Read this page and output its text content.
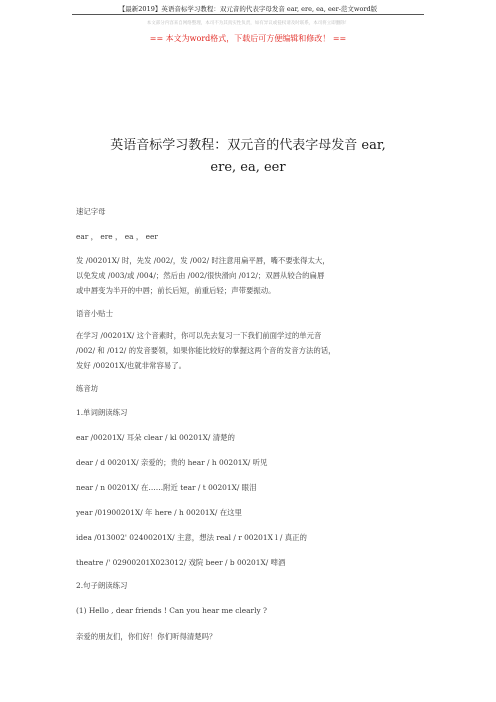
【最新2019】英语音标学习教程：双元音的代表字母发音 ear, ere, ea, eer-范文word版
本文部分内容来自网络整理，本司不为其真实性负责，如有异议或侵权请及时联系，本司将立即删除！
== 本文为word格式，下载后可方便编辑和修改！ ==
英语音标学习教程：双元音的代表字母发音 ear,
ere, ea, eer
速记字母
ear ， ere ， ea ， eer
发 /00201X/ 时，先发 /002/，发 /002/ 时注意用扁平唇，嘴不要张得太大，
以免发成 /003/或 /004/；然后由 /002/很快滑向 /012/；双唇从较合的扁唇
或中唇变为半开的中唇；前长后短，前重后轻；声带要振动。
语音小贴士
在学习 /00201X/ 这个音素时，你可以先去复习一下我们前面学过的单元音
/002/ 和 /012/ 的发音要领，如果你能比较好的掌握这两个音的发音方法的话，
发好 /00201X/也就非常容易了。
练音坊
1.单词朗读练习
ear /00201X/ 耳朵 clear / kl 00201X/ 清楚的
dear / d 00201X/ 亲爱的；贵的 hear / h 00201X/ 听见
near / n 00201X/ 在……附近 tear / t 00201X/ 眼泪
year /01900201X/ 年 here / h 00201X/ 在这里
idea /013002' 02400201X/ 主意，想法 real / r 00201X l / 真正的
theatre /' 02900201X023012/ 戏院 beer / b 00201X/ 啤酒
2.句子朗读练习
(1) Hello , dear friends ! Can you hear me clearly ?
亲爱的朋友们，你们好！你们听得清楚吗？
